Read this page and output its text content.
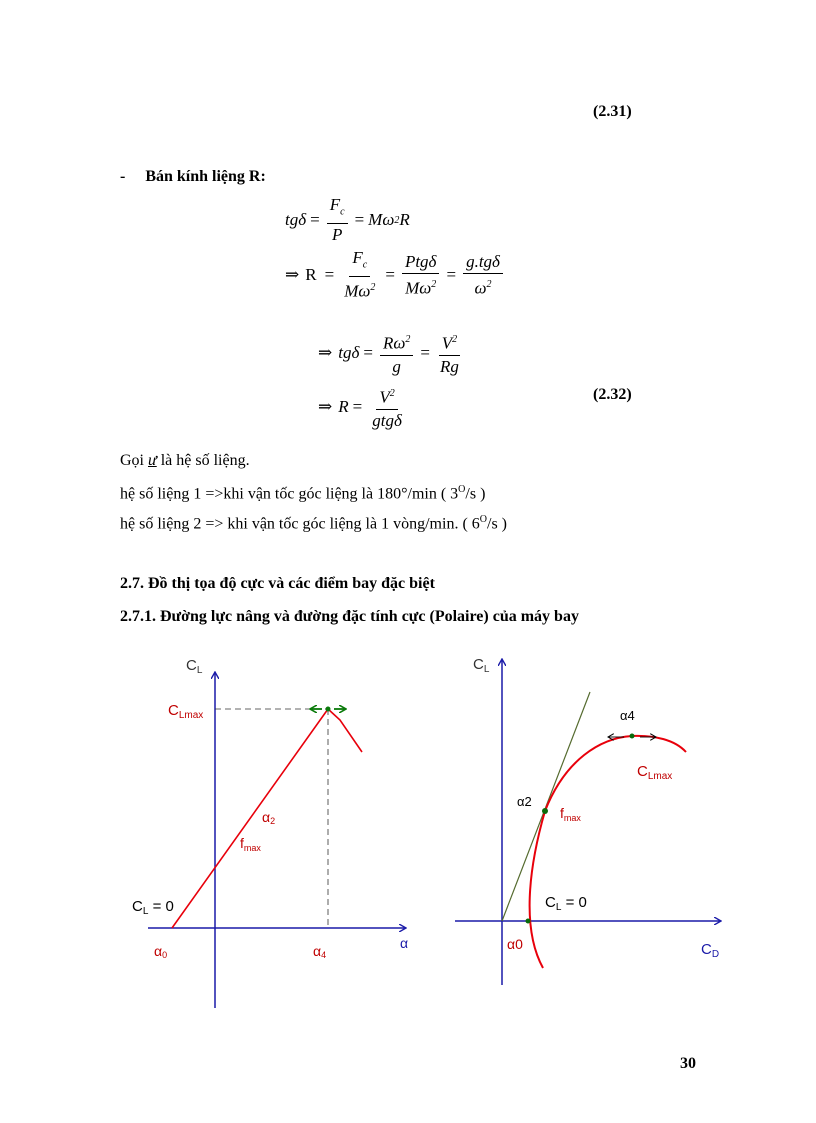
(2.31)
- Bán kính liệng R:
$tg\delta = \frac{F_c}{P} = M\omega$ 2 R
⇒ $R = \frac{F_c}{M\omega^2} = \frac{\text{Ptgδ}}{M\omega^2} = \frac{\text{g.tgδ}}{\omega^2}$
⇒ $tg\delta = \frac{R\omega^2}{g} = \frac{V^2}{Rg}$
⇒ $R = \frac{V^2}{\text{gtgδ}}$	(2.32)
Gọi ư là hệ số liệng.
hệ số liệng 1 =>khi vận tốc góc liệng là 180°/min ( $3^O/s$ )
hệ số liệng 2 => khi vận tốc góc liệng là 1 vòng/min. ( $6^O/s$ )
2.7. Đồ thị tọa độ cực và các điểm bay đặc biệt
2.7.1. Đường lực nâng và đường đặc tính cực (Polaire) của máy bay
$C_L$
$C_{Lmax}$
$C_L = 0$
α0	α4
α2
$f_{max}$
α
$C_L$
$C_D$
α4
$C_{Lmax}$
α2
$f_{max}$
$C_L = 0$
α0
30
